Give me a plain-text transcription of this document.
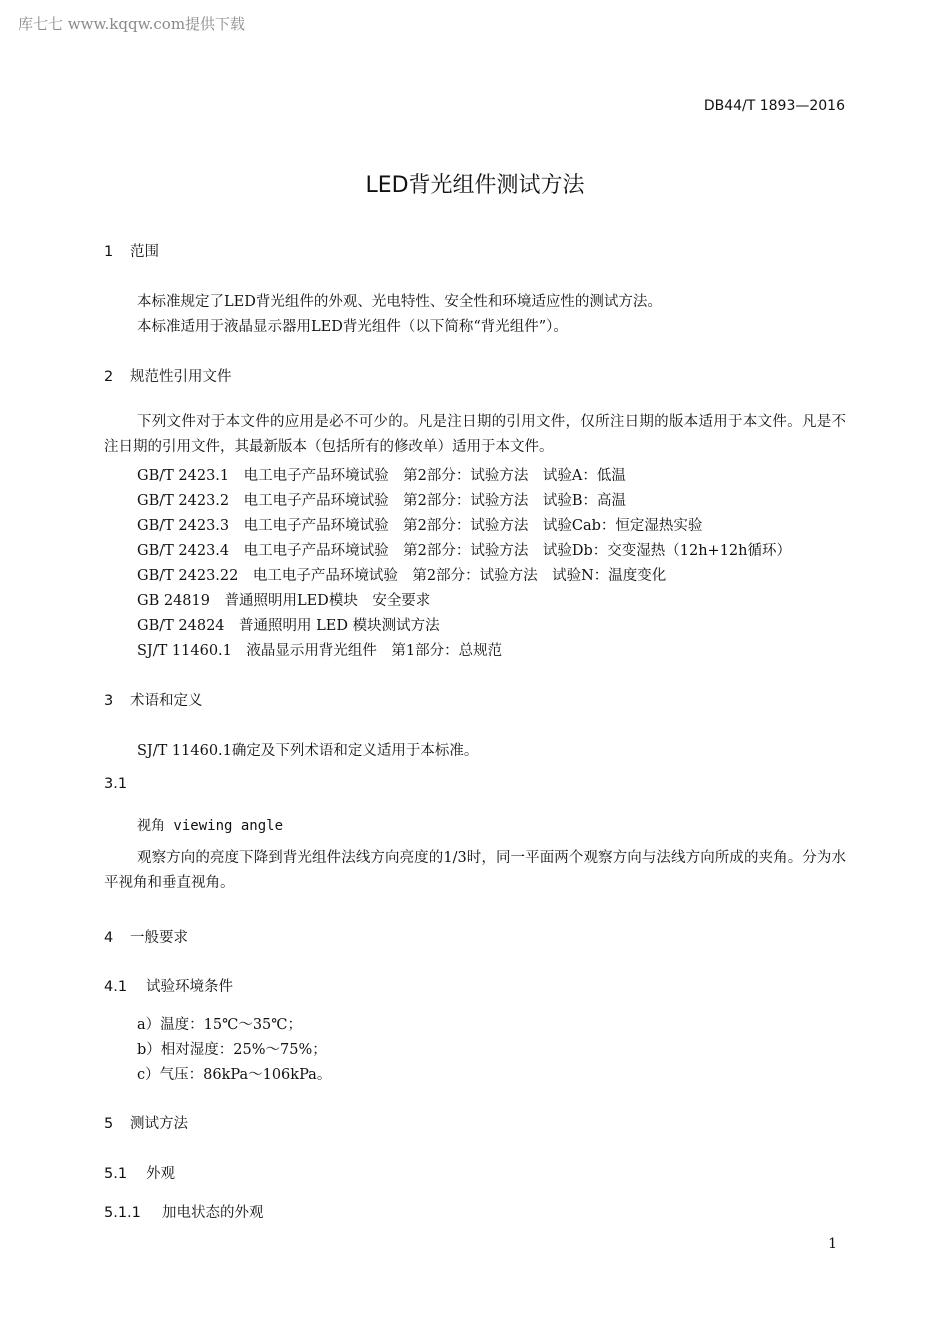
库七七 www.kqqw.com提供下载
DB44/T 1893—2016
LED背光组件测试方法
1 范围
本标准规定了LED背光组件的外观、光电特性、安全性和环境适应性的测试方法。
本标准适用于液晶显示器用LED背光组件（以下简称“背光组件”）。
2 规范性引用文件
下列文件对于本文件的应用是必不可少的。凡是注日期的引用文件，仅所注日期的版本适用于本文件。凡是不注日期的引用文件，其最新版本（包括所有的修改单）适用于本文件。
GB/T 2423.1　电工电子产品环境试验　第2部分：试验方法　试验A：低温
GB/T 2423.2　电工电子产品环境试验　第2部分：试验方法　试验B：高温
GB/T 2423.3　电工电子产品环境试验　第2部分：试验方法　试验Cab：恒定湿热实验
GB/T 2423.4　电工电子产品环境试验　第2部分：试验方法　试验Db：交变湿热（12h+12h循环）
GB/T 2423.22　电工电子产品环境试验　第2部分：试验方法　试验N：温度变化
GB 24819　普通照明用LED模块　安全要求
GB/T 24824　普通照明用 LED 模块测试方法
SJ/T 11460.1　液晶显示用背光组件　第1部分：总规范
3 术语和定义
SJ/T 11460.1确定及下列术语和定义适用于本标准。
3.1
视角 viewing angle
观察方向的亮度下降到背光组件法线方向亮度的1/3时，同一平面两个观察方向与法线方向所成的夹角。分为水平视角和垂直视角。
4 一般要求
4.1 试验环境条件
a）温度：15℃～35℃；
b）相对湿度：25%～75%；
c）气压：86kPa～106kPa。
5 测试方法
5.1 外观
5.1.1 加电状态的外观
1
